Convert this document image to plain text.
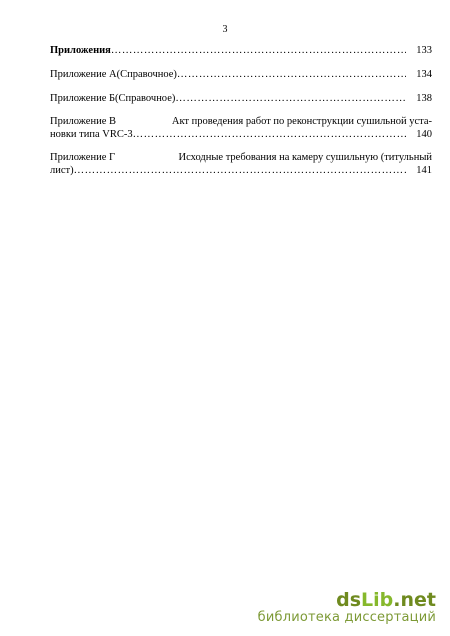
3
Приложения ……………………………………………………………………………………………………………………………………………………………………	133
Приложение А (Справочное) ……………………………………………………………………………………………………………………………………………………………………	134
Приложение Б (Справочное) ……………………………………………………………………………………………………………………………………………………………………	138
Приложение В	Акт проведения работ по реконструкции сушильной уста-
новки типа VRC-3 ……………………………………………………………………………………………………………………………………………………………………	140
Приложение Г	Исходные требования на камеру сушильную (титульный
лист) ……………………………………………………………………………………………………………………………………………………………………	141
dsLib.net
библиотека диссертаций
